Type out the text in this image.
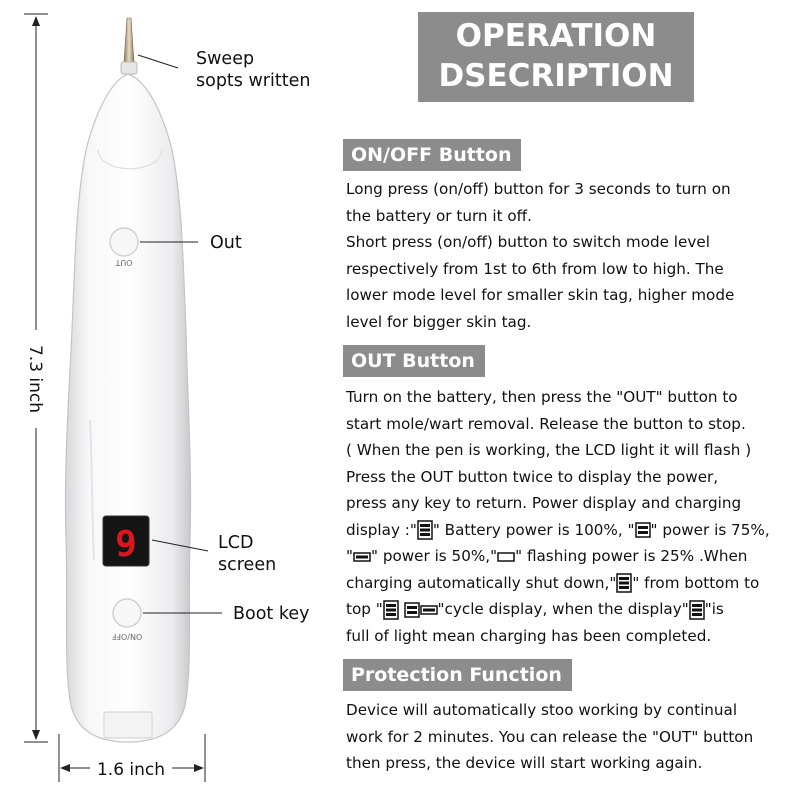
OPERATION
DSECRIPTION
OUT
ON/OFF
9
7.3 inch
1.6 inch
Sweep
sopts written
Out
LCD
screen
Boot key
ON/OFF Button
Long press (on/off) button for 3 seconds to turn on
the battery or turn it off.
Short press (on/off) button to switch mode level
respectively from 1st to 6th from low to high. The
lower mode level for smaller skin tag, higher mode
level for bigger skin tag.
OUT Button
Turn on the battery, then press the "OUT" button to
start mole/wart removal. Release the button to stop.
( When the pen is working, the LCD light it will flash )
Press the OUT button twice to display the power,
press any key to return. Power display and charging
display :" " Battery power is 100%, " " power is 75%,
" " power is 50%," " flashing power is 25% .When
charging automatically shut down," " from bottom to
top "	"cycle display, when the display" "is
full of light mean charging has been completed.
Protection Function
Device will automatically stoo working by continual
work for 2 minutes. You can release the "OUT" button
then press, the device will start working again.
